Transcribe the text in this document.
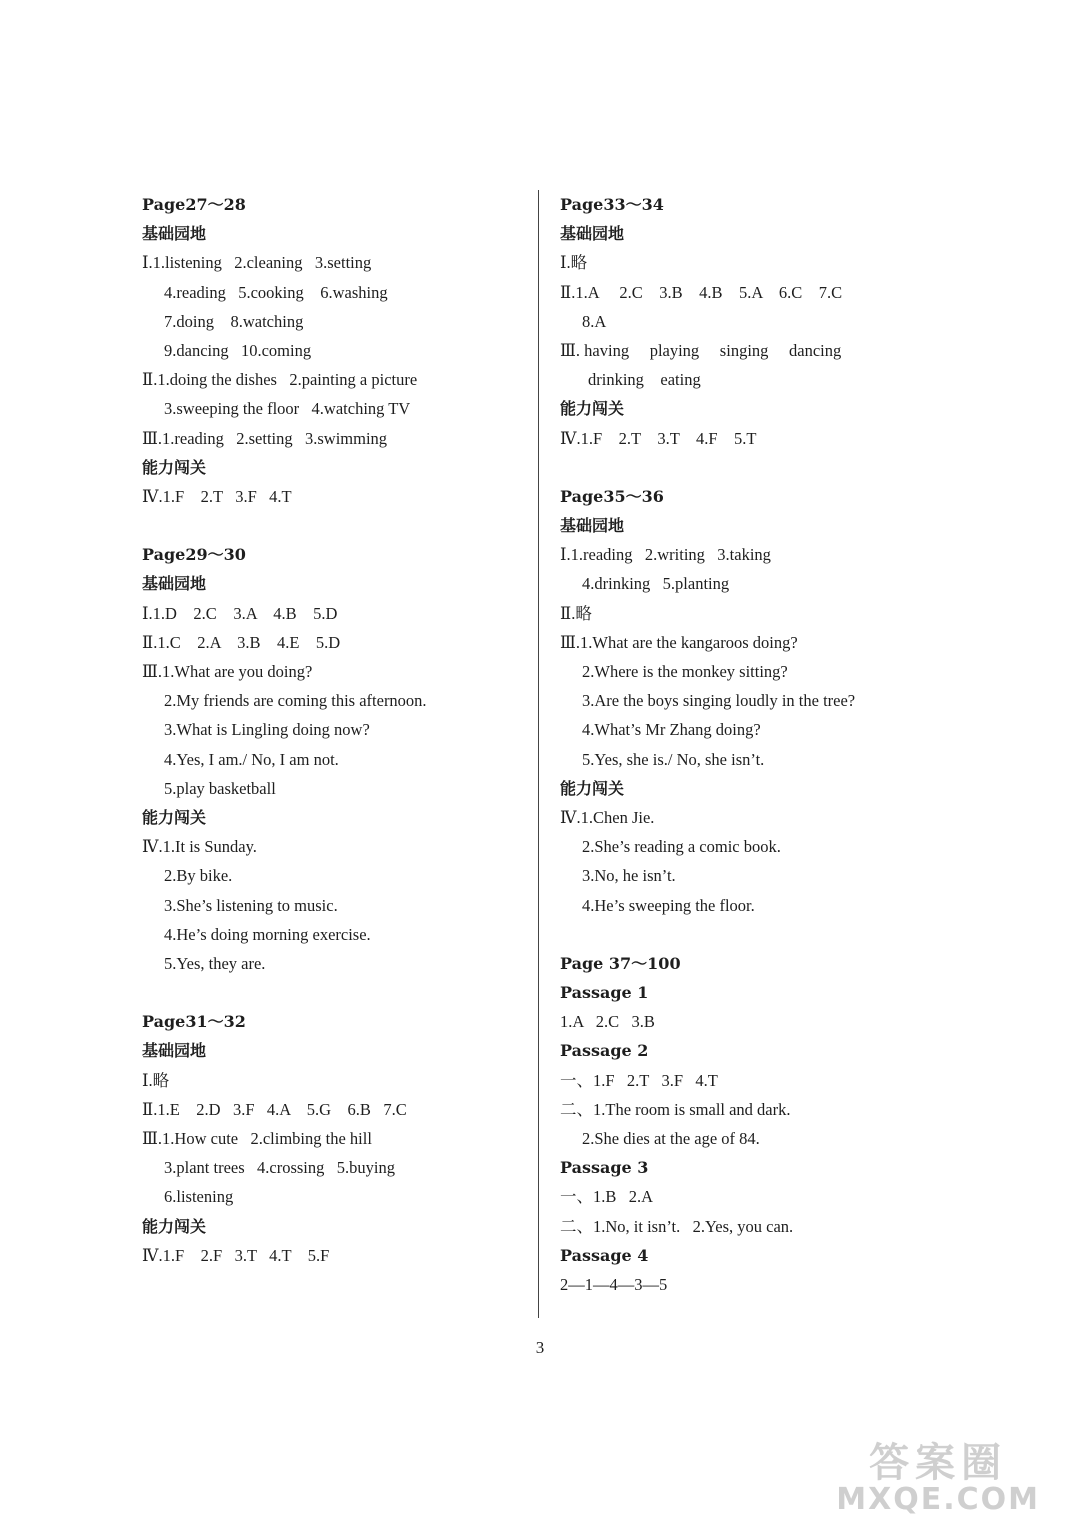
Page27～28
基础园地
Ⅰ.1.listening   2.cleaning   3.setting
4.reading   5.cooking    6.washing
7.doing    8.watching
9.dancing   10.coming
Ⅱ.1.doing the dishes   2.painting a picture
3.sweeping the floor   4.watching TV
Ⅲ.1.reading   2.setting   3.swimming
能力闯关
Ⅳ.1.F    2.T   3.F   4.T
Page29～30
基础园地
Ⅰ.1.D    2.C    3.A    4.B    5.D
Ⅱ.1.C    2.A    3.B    4.E    5.D
Ⅲ.1.What are you doing?
2.My friends are coming this afternoon.
3.What is Lingling doing now?
4.Yes, I am./ No, I am not.
5.play basketball
能力闯关
Ⅳ.1.It is Sunday.
2.By bike.
3.She’s listening to music.
4.He’s doing morning exercise.
5.Yes, they are.
Page31～32
基础园地
Ⅰ.略
Ⅱ.1.E    2.D   3.F   4.A    5.G    6.B   7.C
Ⅲ.1.How cute   2.climbing the hill
3.plant trees   4.crossing   5.buying
6.listening
能力闯关
Ⅳ.1.F    2.F   3.T   4.T    5.F
Page33～34
基础园地
Ⅰ.略
Ⅱ.1.A     2.C    3.B    4.B    5.A    6.C    7.C
8.A
Ⅲ. having     playing     singing     dancing
drinking    eating
能力闯关
Ⅳ.1.F    2.T    3.T    4.F    5.T
Page35～36
基础园地
Ⅰ.1.reading   2.writing   3.taking
4.drinking   5.planting
Ⅱ.略
Ⅲ.1.What are the kangaroos doing?
2.Where is the monkey sitting?
3.Are the boys singing loudly in the tree?
4.What’s Mr Zhang doing?
5.Yes, she is./ No, she isn’t.
能力闯关
Ⅳ.1.Chen Jie.
2.She’s reading a comic book.
3.No, he isn’t.
4.He’s sweeping the floor.
Page 37～100
Passage 1
1.A   2.C   3.B
Passage 2
一、1.F   2.T   3.F   4.T
二、1.The room is small and dark.
2.She dies at the age of 84.
Passage 3
一、1.B   2.A
二、1.No, it isn’t.   2.Yes, you can.
Passage 4
2—1—4—3—5
3
答案圈
MXQE.COM
